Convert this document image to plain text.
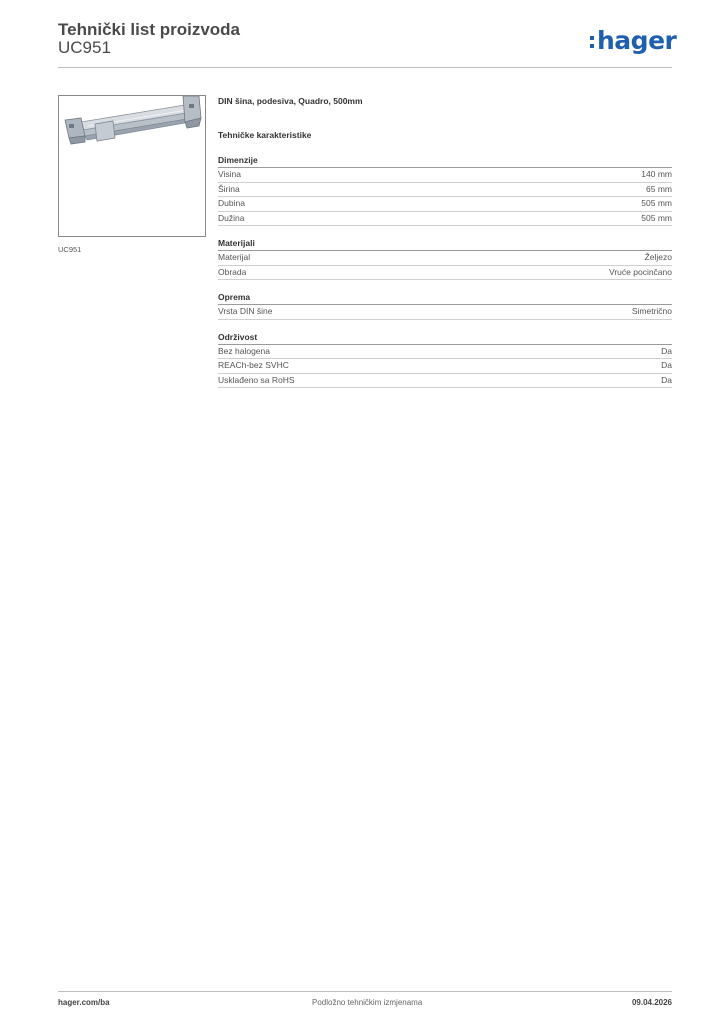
Tehnički list proizvoda
UC951	hager
UC951
DIN šina, podesiva, Quadro, 500mm
Tehničke karakteristike
Dimenzije
Visina	140 mm
Širina	65 mm
Dubina	505 mm
Dužina	505 mm
Materijali
Materijal	Željezo
Obrada	Vruće pocinčano
Oprema
Vrsta DIN šine	Simetrično
Održivost
Bez halogena	Da
REACh-bez SVHC	Da
Usklađeno sa RoHS	Da
hager.com/ba	Podložno tehničkim izmjenama	09.04.2026
